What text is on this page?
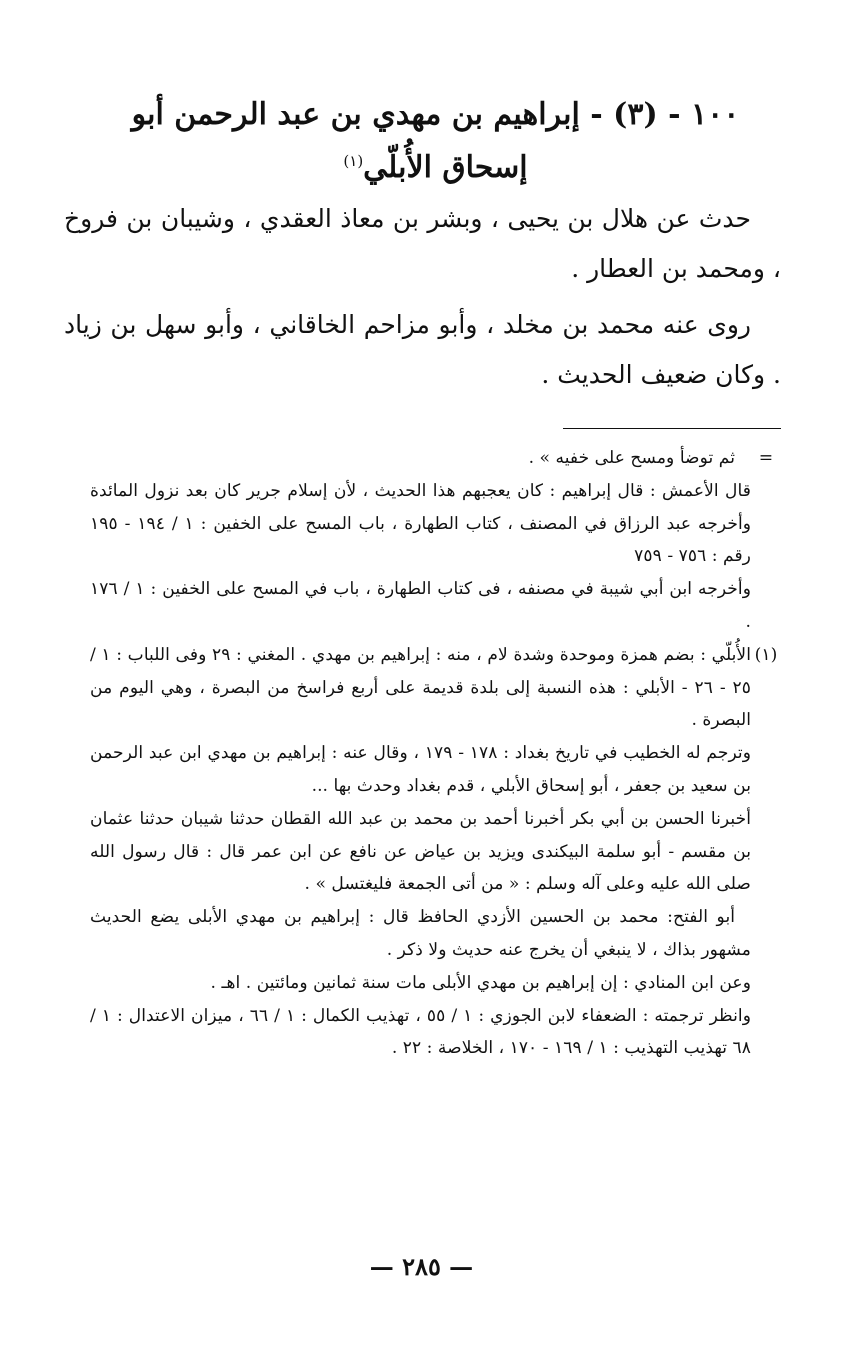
١٠٠ - (٣) - إبراهيم بن مهدي بن عبد الرحمن أبو إسحاق الأُبلّي$^{(١)}$

حدث عن هلال بن يحيى ، وبشر بن معاذ العقدي ، وشيبان بن فروخ ، ومحمد بن العطار .

روى عنه محمد بن مخلد ، وأبو مزاحم الخاقاني ، وأبو سهل بن زياد . وكان ضعيف الحديث .

=

ثم توضأ ومسح على خفيه » .

قال الأعمش : قال إبراهيم : كان يعجبهم هذا الحديث ، لأن إسلام جرير كان بعد نزول المائدة وأخرجه عبد الرزاق في المصنف ، كتاب الطهارة ، باب المسح على الخفين : ١ / ١٩٤ - ١٩٥ رقم : ٧٥٦ - ٧٥٩

وأخرجه ابن أبي شيبة في مصنفه ، فى كتاب الطهارة ، باب في المسح على الخفين : ١ / ١٧٦ .

(١)

الأُبلّي : بضم همزة وموحدة وشدة لام ، منه : إبراهيم بن مهدي . المغني : ٢٩ وفى اللباب : ١ / ٢٥ - ٢٦ - الأبلي : هذه النسبة إلى بلدة قديمة على أربع فراسخ من البصرة ، وهي اليوم من البصرة .

وترجم له الخطيب في تاريخ بغداد : ١٧٨ - ١٧٩ ، وقال عنه : إبراهيم بن مهدي ابن عبد الرحمن بن سعيد بن جعفر ، أبو إسحاق الأبلي ، قدم بغداد وحدث بها ...

أخبرنا الحسن بن أبي بكر أخبرنا أحمد بن محمد بن عبد الله القطان حدثنا شيبان حدثنا عثمان بن مقسم - أبو سلمة البيكندى ويزيد بن عياض عن نافع عن ابن عمر قال : قال رسول الله صلى الله عليه وعلى آله وسلم : « من أتى الجمعة فليغتسل » .

أبو الفتح: محمد بن الحسين الأزدي الحافظ قال : إبراهيم بن مهدي الأبلى يضع الحديث مشهور بذاك ، لا ينبغي أن يخرج عنه حديث ولا ذكر .

وعن ابن المنادي : إن إبراهيم بن مهدي الأبلى مات سنة ثمانين ومائتين . اهـ .

وانظر ترجمته : الضعفاء لابن الجوزي : ١ / ٥٥ ، تهذيب الكمال : ١ / ٦٦ ، ميزان الاعتدال : ١ / ٦٨ تهذيب التهذيب : ١ / ١٦٩ - ١٧٠ ، الخلاصة : ٢٢ .

— ٢٨٥ —
